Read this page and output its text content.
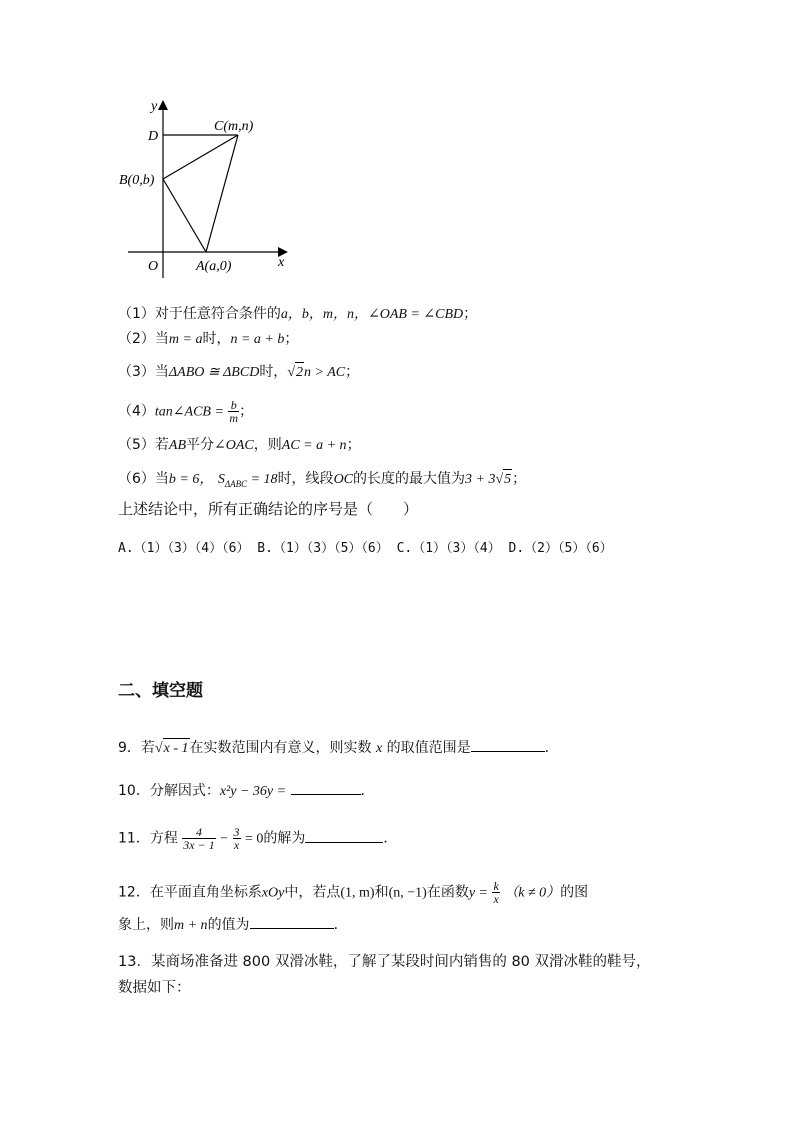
y
x
O
D
C(m,n)
B(0,b)
A(a,0)
（1）对于任意符合条件的a，b，m，n，∠OAB = ∠CBD；
（2）当m = a时，n = a + b；
（3）当ΔABO ≅ ΔBCD时，√2n > AC；
（4）tan∠ACB = $\frac{b}{m}$ ；
（5）若AB平分∠OAC，则AC = a + n；
（6）当b = 6， $S_{\Delta ABC} = 18$时，线段OC的长度的最大值为3 + 3√5；
上述结论中，所有正确结论的序号是（　　）
A.（1）（3）（4）（6） B.（1）（3）（5）（6） C.（1）（3）（4） D.（2）（5）（6）
二、填空题
9．若√x - 1在实数范围内有意义，则实数 x 的取值范围是	．
10．分解因式：x²y − 36y =	．
11．方程 $\frac{4}{3x - 1} - \frac{3}{x} = 0$的解为	．
12．在平面直角坐标系xOy中，若点(1, m)和(n, −1)在函数$y = \frac{k}{x} (k \ne 0)$的图
象上，则m + n的值为	．
13．某商场准备进 800 双滑冰鞋，了解了某段时间内销售的 80 双滑冰鞋的鞋号，
数据如下：
